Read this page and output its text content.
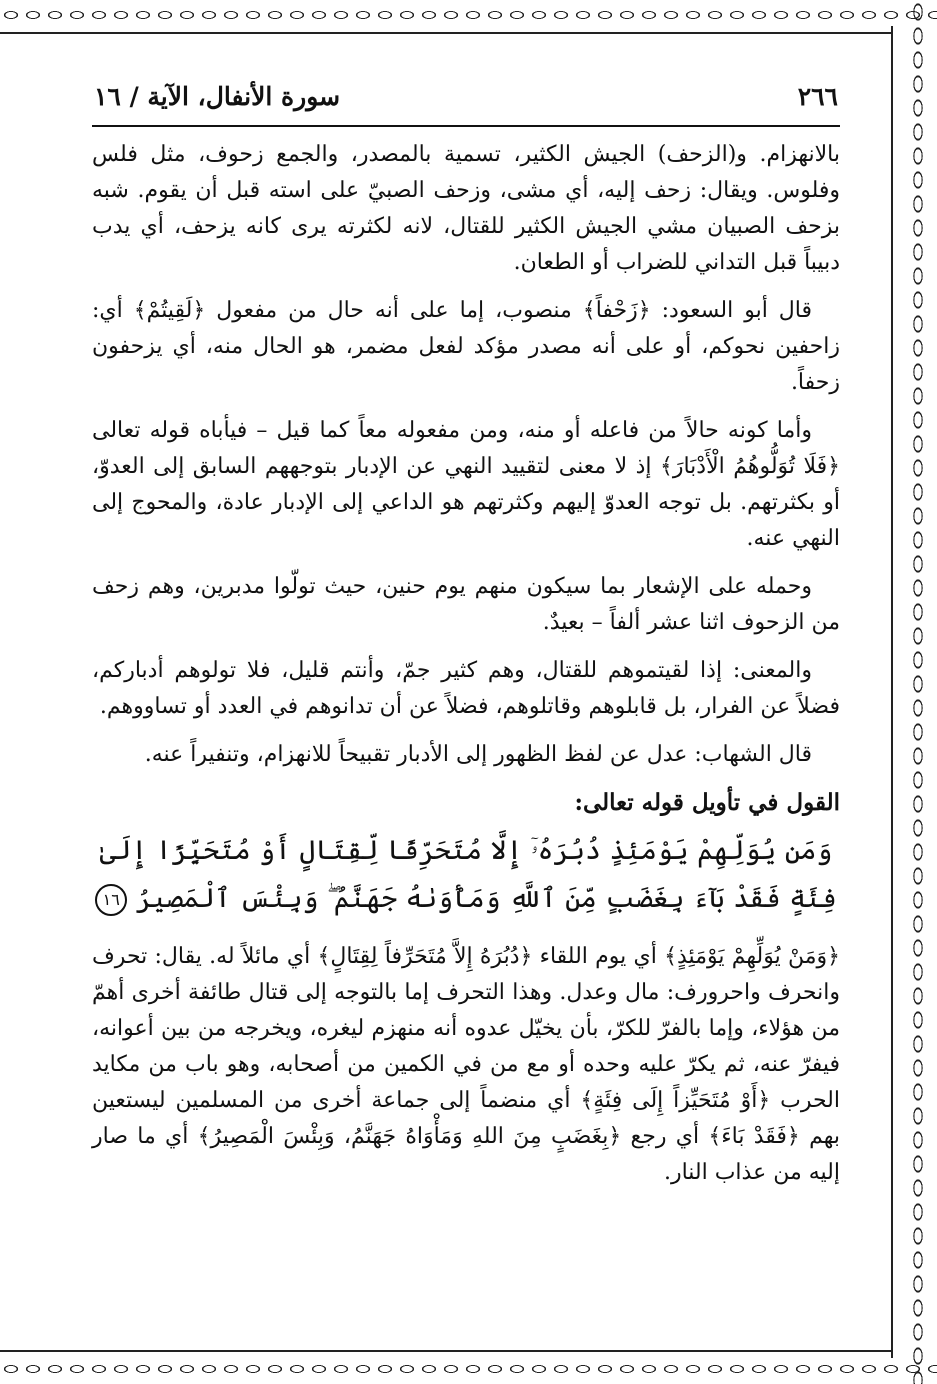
٢٦٦
سورة الأنفال، الآية / ١٦

بالانهزام. و(الزحف) الجيش الكثير، تسمية بالمصدر، والجمع زحوف، مثل فلس وفلوس. ويقال: زحف إليه، أي مشى، وزحف الصبيّ على استه قبل أن يقوم. شبه بزحف الصبيان مشي الجيش الكثير للقتال، لانه لكثرته يرى كانه يزحف، أي يدب دبيباً قبل التداني للضراب أو الطعان.

قال أبو السعود: ﴿زَحْفاً﴾ منصوب، إما على أنه حال من مفعول ﴿لَقِيتُمْ﴾ أي: زاحفين نحوكم، أو على أنه مصدر مؤكد لفعل مضمر، هو الحال منه، أي يزحفون زحفاً.

وأما كونه حالاً من فاعله أو منه، ومن مفعوله معاً كما قيل – فيأباه قوله تعالى ﴿فَلَا تُوَلُّوهُمُ الْأَدْبَارَ﴾ إذ لا معنى لتقييد النهي عن الإدبار بتوجههم السابق إلى العدوّ، أو بكثرتهم. بل توجه العدوّ إليهم وكثرتهم هو الداعي إلى الإدبار عادة، والمحوج إلى النهي عنه.

وحمله على الإشعار بما سيكون منهم يوم حنين، حيث تولّوا مدبرين، وهم زحف من الزحوف اثنا عشر ألفاً – بعيدٌ.

والمعنى: إذا لقيتموهم للقتال، وهم كثير جمّ، وأنتم قليل، فلا تولوهم أدباركم، فضلاً عن الفرار، بل قابلوهم وقاتلوهم، فضلاً عن أن تدانوهم في العدد أو تساووهم.

قال الشهاب: عدل عن لفظ الظهور إلى الأدبار تقبيحاً للانهزام، وتنفيراً عنه.

القول في تأويل قوله تعالى:
وَمَن يُوَلِّهِمْ يَوْمَئِذٍ دُبُرَهُۥٓ إِلَّا مُتَحَرِّفًا لِّقِتَالٍ أَوْ مُتَحَيِّزًا إِلَىٰ فِئَةٍ فَقَدْ بَآءَ بِغَضَبٍ مِّنَ ٱللَّهِ وَمَأْوَىٰهُ جَهَنَّمُ ۖ وَبِئْسَ ٱلْمَصِيرُ ١٦

﴿وَمَنْ يُوَلِّهِمْ يَوْمَئِذٍ﴾ أي يوم اللقاء ﴿دُبُرَهُ إِلاَّ مُتَحَرِّفاً لِقِتَالٍ﴾ أي مائلاً له. يقال: تحرف وانحرف واحرورف: مال وعدل. وهذا التحرف إما بالتوجه إلى قتال طائفة أخرى أهمّ من هؤلاء، وإما بالفرّ للكرّ، بأن يخيّل عدوه أنه منهزم ليغره، ويخرجه من بين أعوانه، فيفرّ عنه، ثم يكرّ عليه وحده أو مع من في الكمين من أصحابه، وهو باب من مكايد الحرب ﴿أَوْ مُتَحَيِّزاً إِلَى فِئَةٍ﴾ أي منضماً إلى جماعة أخرى من المسلمين ليستعين بهم ﴿فَقَدْ بَاءَ﴾ أي رجع ﴿بِغَضَبٍ مِنَ اللهِ وَمَأْوَاهُ جَهَنَّمُ، وَبِئْسَ الْمَصِيرُ﴾ أي ما صار إليه من عذاب النار.
